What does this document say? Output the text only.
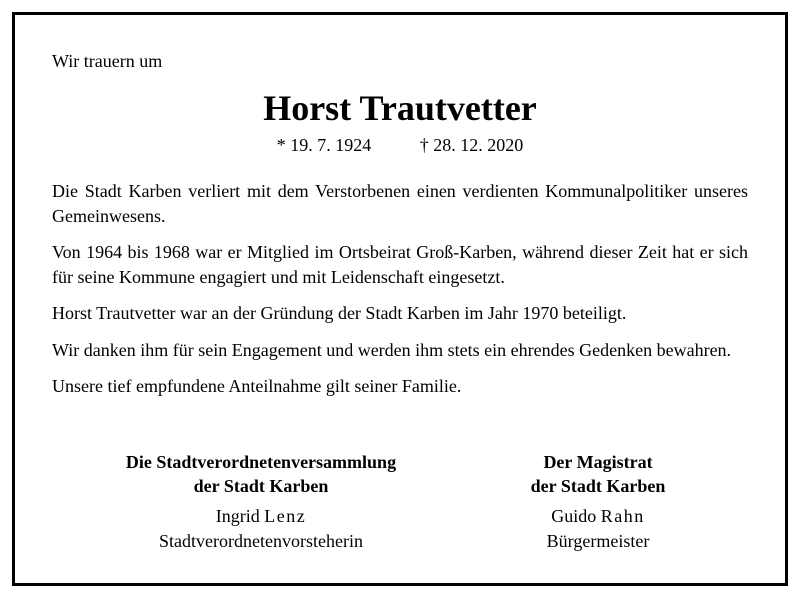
Wir trauern um

Horst Trautvetter

* 19. 7. 1924	† 28. 12. 2020

Die Stadt Karben verliert mit dem Verstorbenen einen verdienten Kommunalpolitiker unseres Gemeinwesens.

Von 1964 bis 1968 war er Mitglied im Ortsbeirat Groß-Karben, während dieser Zeit hat er sich für seine Kommune engagiert und mit Leidenschaft eingesetzt.

Horst Trautvetter war an der Gründung der Stadt Karben im Jahr 1970 beteiligt.

Wir danken ihm für sein Engagement und werden ihm stets ein ehrendes Gedenken bewahren.

Unsere tief empfundene Anteilnahme gilt seiner Familie.

Die Stadtverordnetenversammlung

der Stadt Karben

Ingrid Lenz

Stadtverordnetenvorsteherin

Der Magistrat

der Stadt Karben

Guido Rahn

Bürgermeister
